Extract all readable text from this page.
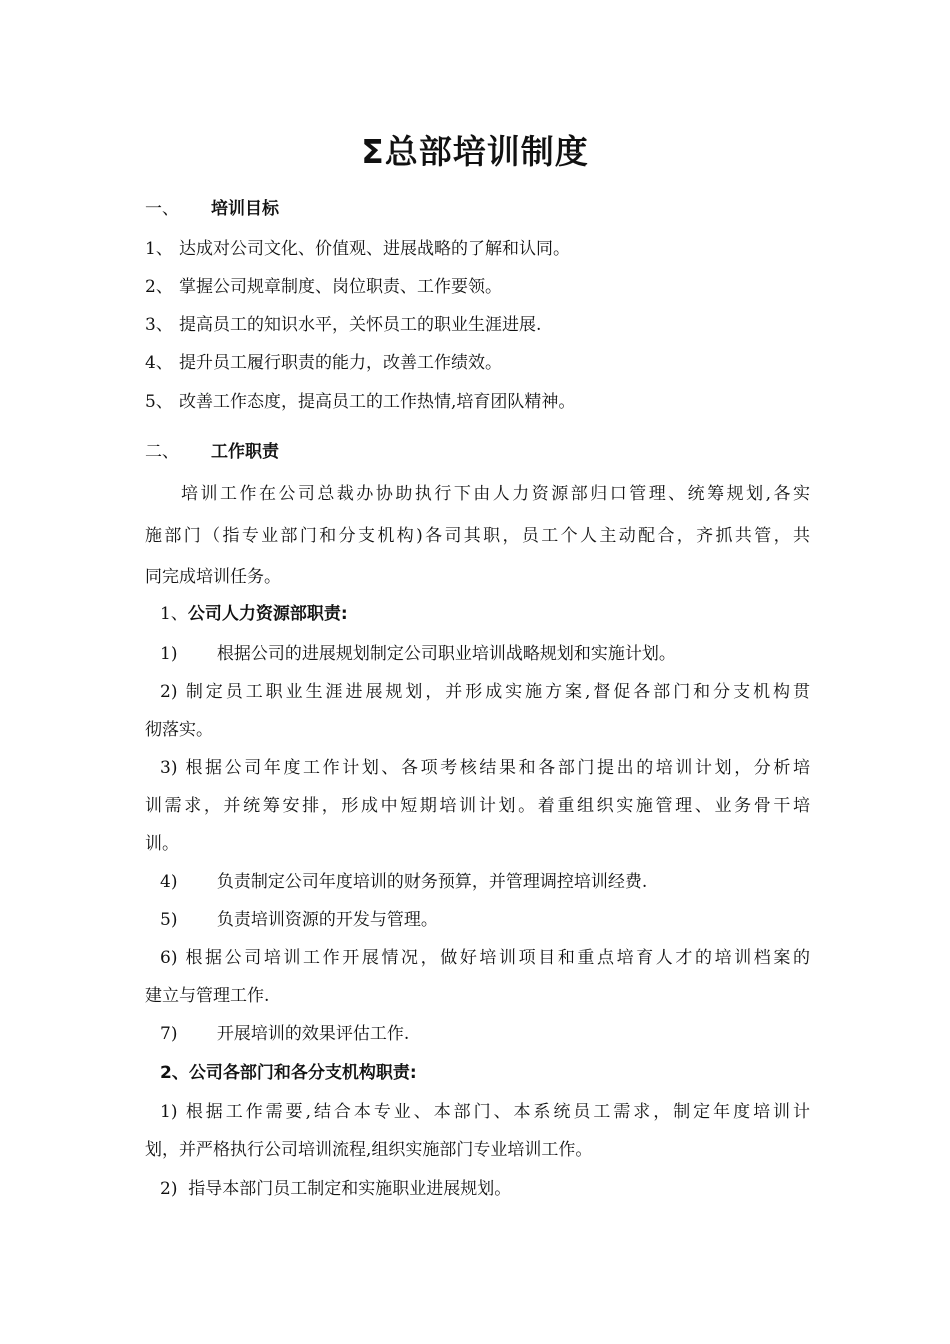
Σ总部培训制度
一、 培训目标
1、 达成对公司文化、价值观、进展战略的了解和认同。
2、 掌握公司规章制度、岗位职责、工作要领。
3、 提高员工的知识水平，关怀员工的职业生涯进展.
4、 提升员工履行职责的能力，改善工作绩效。
5、 改善工作态度，提高员工的工作热情,培育团队精神。
二、 工作职责
培训工作在公司总裁办协助执行下由人力资源部归口管理、统筹规划,各实
施部门（指专业部门和分支机构)各司其职，员工个人主动配合，齐抓共管，共
同完成培训任务。
1、公司人力资源部职责:
1)　　 根据公司的进展规划制定公司职业培训战略规划和实施计划。
2) 制定员工职业生涯进展规划，并形成实施方案,督促各部门和分支机构贯
彻落实。
3) 根据公司年度工作计划、各项考核结果和各部门提出的培训计划，分析培
训需求，并统筹安排，形成中短期培训计划。着重组织实施管理、业务骨干培
训。
4)　　 负责制定公司年度培训的财务预算，并管理调控培训经费.
5)　　 负责培训资源的开发与管理。
6) 根据公司培训工作开展情况，做好培训项目和重点培育人才的培训档案的
建立与管理工作.
7)　　 开展培训的效果评估工作.
2、公司各部门和各分支机构职责:
1) 根据工作需要,结合本专业、本部门、本系统员工需求，制定年度培训计
划，并严格执行公司培训流程,组织实施部门专业培训工作。
2)  指导本部门员工制定和实施职业进展规划。
